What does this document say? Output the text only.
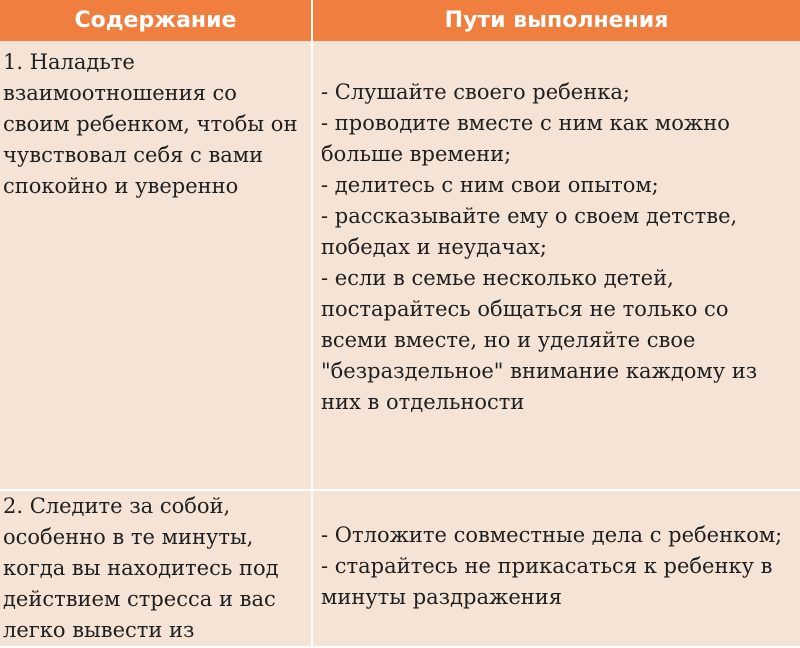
Содержание	Пути выполнения

1. Наладьте взаимоотношения со своим ребенком, чтобы он чувствовал себя с вами спокойно и уверенно	- Слушайте своего ребенка;
- проводите вместе с ним как можно больше времени;
- делитесь с ним свои опытом;
- рассказывайте ему о своем детстве, победах и неудачах;
- если в семье несколько детей, постарайтесь общаться не только со всеми вместе, но и уделяйте свое "безраздельное" внимание каждому из них в отдельности

2. Следите за собой, особенно в те минуты, когда вы находитесь под действием стресса и вас легко вывести из	- Отложите совместные дела с ребенком;
- старайтесь не прикасаться к ребенку в минуты раздражения
